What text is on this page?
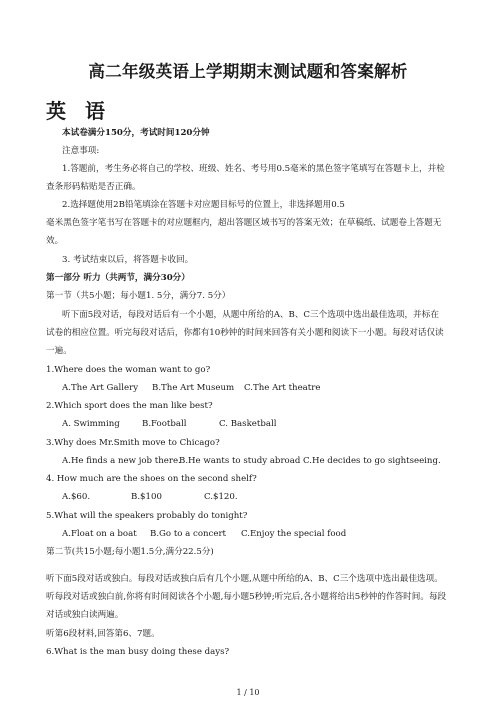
高二年级英语上学期期末测试题和答案解析
英 语
本试卷满分150分，考试时间120分钟
注意事项:
1.答题前，考生务必将自己的学校、班级、姓名、考号用0.5毫米的黑色签字笔填写在答题卡上，并检
查条形码粘贴是否正确。
2.选择题使用2B铅笔填涂在答题卡对应题目标号的位置上，非选择题用0.5
毫米黑色签字笔书写在答题卡的对应题框内，超出答题区域书写的答案无效；在草稿纸、试题卷上答题无
效。
3. 考试结束以后，将答题卡收回。
第一部分 听力（共两节，满分30分）
第一节（共5小题；每小题1. 5分，满分7. 5分）
听下面5段对话，每段对话后有一个小题，从题中所给的A、B、C三个选项中选出最佳选项，并标在
试卷的相应位置。听完每段对话后，你都有10秒钟的时间来回答有关小题和阅读下一小题。每段对话仅读
一遍。
1.Where does the woman want to go?
A.The Art Gallery B.The Art Museum C.The Art theatre
2.Which sport does the man like best?
A. Swimming	B.Football	C. Basketball
3.Why does Mr.Smith move to Chicago?
A.He finds a new job there.
B.He wants to study abroad C.He decides to go sightseeing.
4. How much are the shoes on the second shelf?
A.$60.	B.$100	C.$120.
5.What will the speakers probably do tonight?
A.Float on a boat B.Go to a concert C.Enjoy the special food
第二节(共15小题;每小题1.5分,满分22.5分)
听下面5段对话或独白。每段对话或独白后有几个小题,从题中所给的A、B、C三个选项中选出最佳选项。
听每段对话或独白前,你将有时间阅读各个小题,每小题5秒钟;听完后,各小题将给出5秒钟的作答时间。每段
对话或独白读两遍。
听第6段材料,回答第6、7题。
6.What is the man busy doing these days?
1 / 10
